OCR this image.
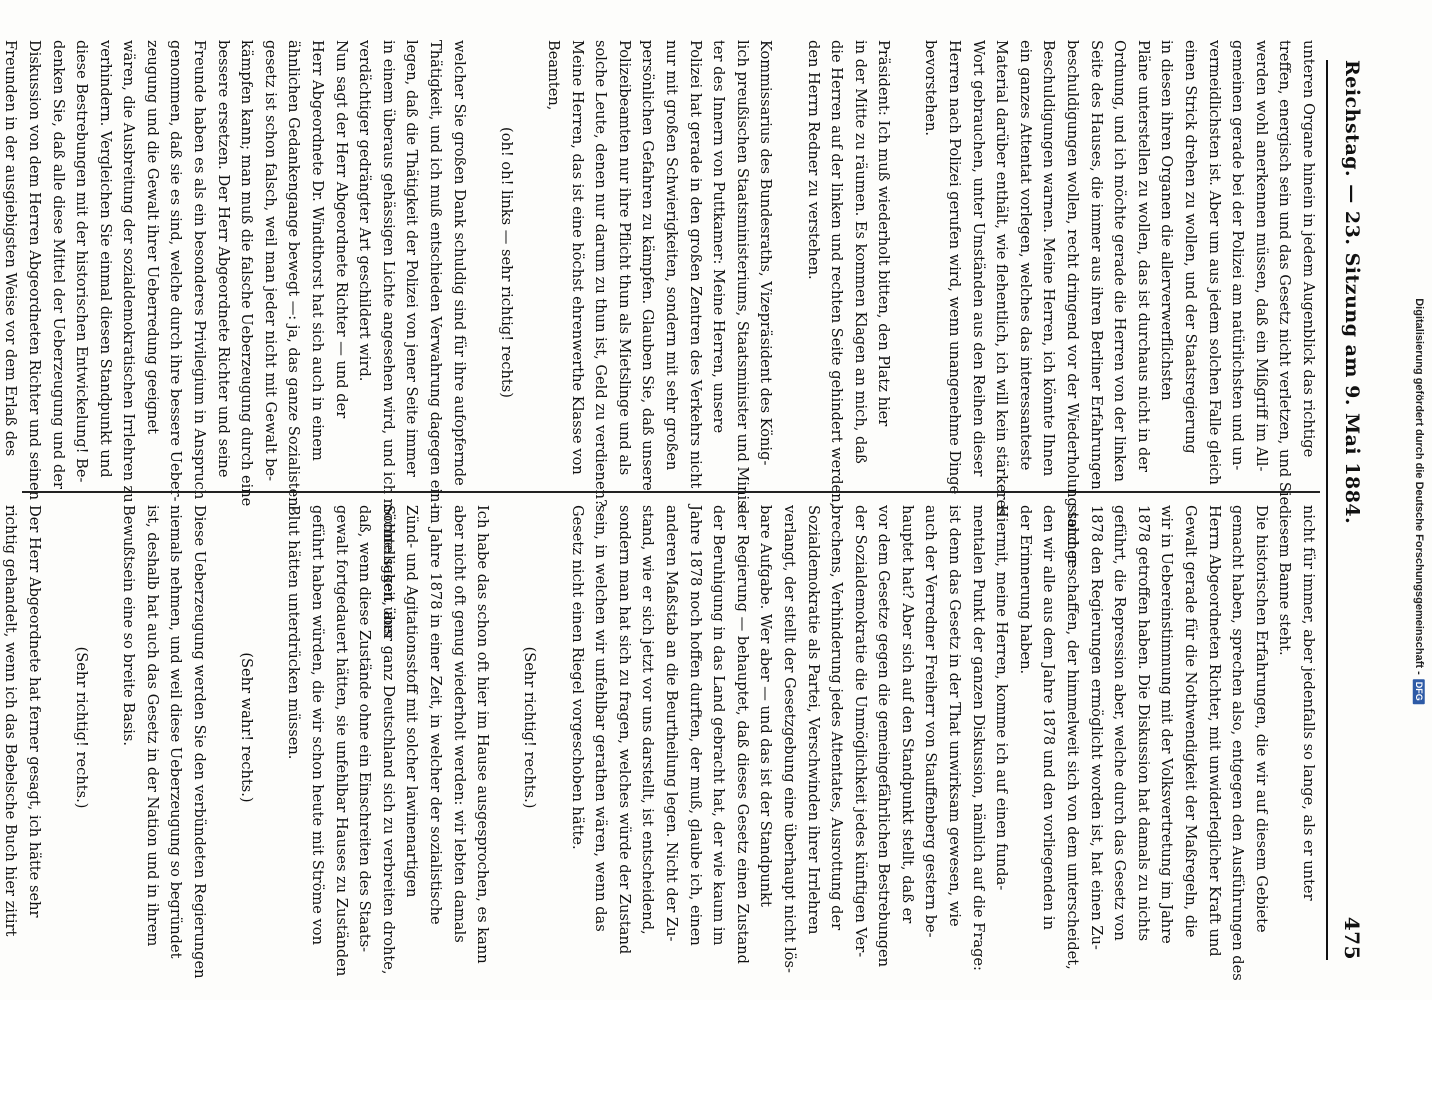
Reichstag. — 23. Sitzung am 9. Mai 1884.
475
unteren Organe hinein in jedem Augenblick das richtige
treffen, energisch sein und das Gesetz nicht verletzen, und Sie
werden wohl anerkennen müssen, daß ein Mißgriff im All-
gemeinen gerade bei der Polizei am natürlichsten und un-
vermeidlichsten ist. Aber um aus jedem solchen Falle gleich
einen Strick drehen zu wollen, und der Staatsregierung
in diesen ihren Organen die allerverwerflichsten
Pläne unterstellen zu wollen, das ist durchaus nicht in der
Ordnung, und ich möchte gerade die Herren von der linken
Seite des Hauses, die immer aus ihren Berliner Erfahrungen
beschuldigungen wollen, recht dringend vor der Wiederholung solcher
Beschuldigungen warnen. Meine Herren, ich könnte Ihnen
ein ganzes Attentat vorlegen, welches das interessanteste
Material darüber enthält, wie flehentlich, ich will kein stärkeres
Wort gebrauchen, unter Umständen aus den Reihen dieser
Herren nach Polizei gerufen wird, wenn unangenehme Dinge
bevorstehen.
Präsident: Ich muß wiederholt bitten, den Platz hier
in der Mitte zu räumen. Es kommen Klagen an mich, daß
die Herren auf der linken und rechten Seite gehindert werden,
den Herrn Redner zu verstehen.
Kommissarius des Bundesraths, Vizepräsident des König-
lich preußischen Staatsministeriums, Staatsminister und Minis-
ter des Innern von Puttkamer: Meine Herren, unsere
Polizei hat gerade in den großen Zentren des Verkehrs nicht
nur mit großen Schwierigkeiten, sondern mit sehr großen
persönlichen Gefahren zu kämpfen. Glauben Sie, daß unsere
Polizeibeamten nur ihre Pflicht thun als Mietslinge und als
solche Leute, denen nur darum zu thun ist, Geld zu verdienen?
Meine Herren, das ist eine höchst ehrenwerthe Klasse von
Beamten,
(oh! oh! links — sehr richtig! rechts)
welcher Sie großen Dank schuldig sind für ihre aufopfernde
Thätigkeit, und ich muß entschieden Verwahrung dagegen ein-
legen, daß die Thätigkeit der Polizei von jener Seite immer
in einem überaus gehässigen Lichte angesehen wird, und ich möchte sagen, aus
verdächtiger gedrängter Art geschildert wird.
Nun sagt der Herr Abgeordnete Richter — und der
Herr Abgeordnete Dr. Windthorst hat sich auch in einem
ähnlichen Gedankengange bewegt —: ja, das ganze Sozialisten-
gesetz ist schon falsch, weil man jeder nicht mit Gewalt be-
kämpfen kann; man muß die falsche Ueberzeugung durch eine
bessere ersetzen. Der Herr Abgeordnete Richter und seine
Freunde haben es als ein besonderes Privilegium in Anspruch
genommen, daß sie es sind, welche durch ihre bessere Ueber-
zeugung und die Gewalt ihrer Ueberredung geeignet
wären, die Ausbreitung der sozialdemokratischen Irrlehren zu
verhindern. Vergleichen Sie einmal diesen Standpunkt und
diese Bestrebungen mit der historischen Entwickelung! Be-
denken Sie, daß alle diese Mittel der Ueberzeugung und der
Diskussion von dem Herren Abgeordneten Richter und seinen
Freunden in der ausgiebigsten Weise vor dem Erlaß des
nicht für immer, aber jedenfalls so lange, als er unter
diesem Banne steht.
Die historischen Erfahrungen, die wir auf diesem Gebiete
gemacht haben, sprechen also, entgegen den Ausführungen des
Herrn Abgeordneten Richter, mit unwiderleglicher Kraft und
Gewalt gerade für die Nothwendigkeit der Maßregeln, die
wir in Uebereinstimmung mit der Volksvertretung im Jahre
1878 getroffen haben. Die Diskussion hat damals zu nichts
geführt, die Repression aber, welche durch das Gesetz von
1878 den Regierungen ermöglicht worden ist, hat einen Zu-
stand geschaffen, der himmelweit sich von dem unterscheidet,
den wir alle aus dem Jahre 1878 und den vorliegenden in
der Erinnerung haben.
Hiermit, meine Herren, komme ich auf einen funda-
mentalen Punkt der ganzen Diskussion, nämlich auf die Frage:
ist denn das Gesetz in der That unwirksam gewesen, wie
auch der Verredner Freiherr von Stauffenberg gestern be-
hauptet hat? Aber sich auf den Standpunkt stellt, daß er
vor dem Gesetze gegen die gemeingefährlichen Bestrebungen
der Sozialdemokratie die Unmöglichkeit jedes künftigen Ver-
brechens, Verhinderung jedes Attentates, Ausrottung der
Sozialdemokratie als Partei, Verschwinden ihrer Irrlehren
verlangt, der stellt der Gesetzgebung eine überhaupt nicht lös-
bare Aufgabe. Wer aber — und das ist der Standpunkt
der Regierung — behauptet, daß dieses Gesetz einen Zustand
der Beruhigung in das Land gebracht hat, der wie kaum im
Jahre 1878 noch hoffen durften, der muß, glaube ich, einen
anderen Maßstab an die Beurtheilung legen. Nicht der Zu-
stand, wie er sich jetzt vor uns darstellt, ist entscheidend,
sondern man hat sich zu fragen, welches würde der Zustand
sein, in welchen wir unfehlbar gerathen wären, wenn das
Gesetz nicht einen Riegel vorgeschoben hätte.
(Sehr richtig! rechts.)
Ich habe das schon oft hier im Hause ausgesprochen, es kann
aber nicht oft genug wiederholt werden: wir lebten damals
im Jahre 1878 in einer Zeit, in welcher der sozialistische
Zünd- und Agitationsstoff mit solcher lawinenartigen
Schnelligkeit über ganz Deutschland sich zu verbreiten drohte,
daß, wenn diese Zustände ohne ein Einschreiten des Staats-
gewalt fortgedauert hätten, sie unfehlbar Hauses zu Zuständen
geführt haben würden, die wir schon heute mit Ströme von
Blut hätten unterdrücken müssen.
(Sehr wahr! rechts.)
Diese Ueberzeugung werden Sie den verbündeten Regierungen
niemals nehmen, und weil diese Ueberzeugung so begründet
ist, deshalb hat auch das Gesetz in der Nation und in ihrem
Bewußtsein eine so breite Basis.
(Sehr richtig! rechts.)
Der Herr Abgeordnete hat ferner gesagt, ich hätte sehr
richtig gehandelt, wenn ich das Bebelsche Buch hier zitirt
Digitalisierung gefördert durch die Deutsche Forschungsgemeinschaft -
DFG
